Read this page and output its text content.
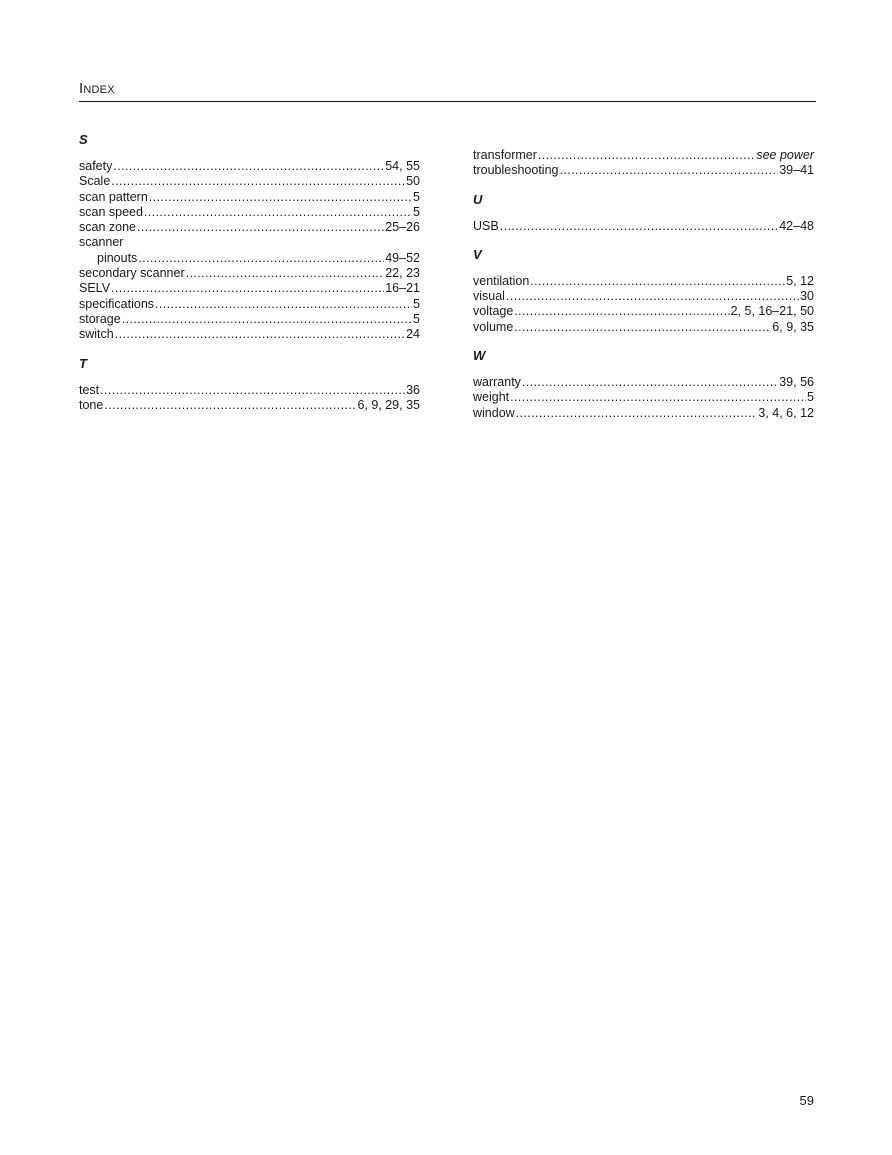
Index
S
safety .....	54, 55
Scale .....	50
scan pattern .....	5
scan speed .....	5
scan zone .....	25–26
scanner
pinouts .....	49–52
secondary scanner .....	22, 23
SELV .....	16–21
specifications .....	5
storage .....	5
switch .....	24
T
test .....	36
tone .....	6, 9, 29, 35
transformer .....	see power
troubleshooting .....	39–41
U
USB .....	42–48
V
ventilation .....	5, 12
visual .....	30
voltage .....	2, 5, 16–21, 50
volume .....	6, 9, 35
W
warranty .....	39, 56
weight .....	5
window .....	3, 4, 6, 12
59
